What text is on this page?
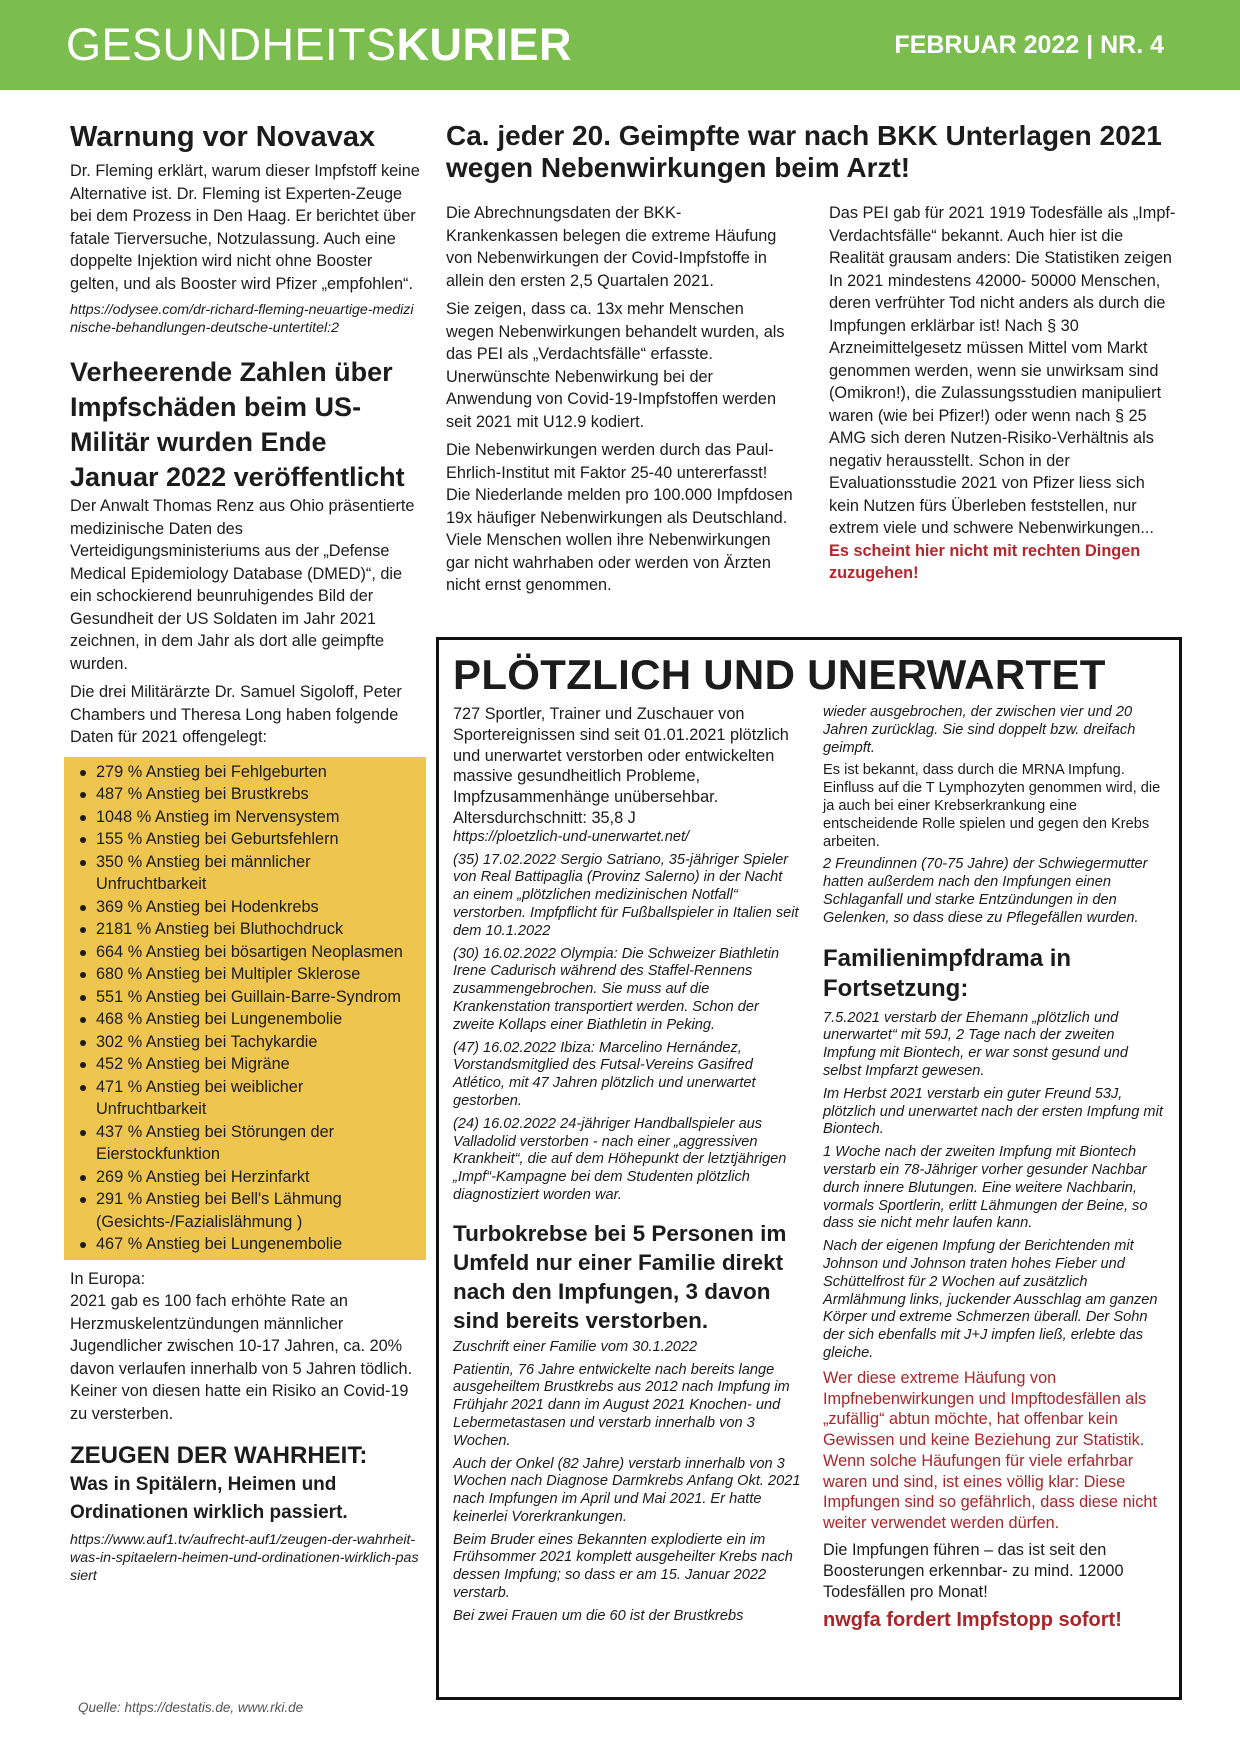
GESUNDHEITSKURIER	FEBRUAR 2022 | NR. 4
Warnung vor Novavax

Dr. Fleming erklärt, warum dieser Impfstoff keine Alternative ist. Dr. Fleming ist Experten-Zeuge bei dem Prozess in Den Haag. Er berichtet über fatale Tierversuche, Notzulassung. Auch eine doppelte Injektion wird nicht ohne Booster gelten, und als Booster wird Pfizer „empfohlen“.

https://odysee.com/dr-richard-fleming-neuartige-medizinische-behandlungen-deutsche-untertitel:2
Verheerende Zahlen über Impfschäden beim US-Militär wurden Ende Januar 2022 veröffentlicht

Der Anwalt Thomas Renz aus Ohio präsentierte medizinische Daten des Verteidigungsministeriums aus der „Defense Medical Epidemiology Database (DMED)“, die ein schockierend beunruhigendes Bild der Gesundheit der US Soldaten im Jahr 2021 zeichnen, in dem Jahr als dort alle geimpfte wurden.

Die drei Militärärzte Dr. Samuel Sigoloff, Peter Chambers und Theresa Long haben folgende Daten für 2021 offengelegt:

279 % Anstieg bei Fehlgeburten
487 % Anstieg bei Brustkrebs
1048 % Anstieg im Nervensystem
155 % Anstieg bei Geburtsfehlern
350 % Anstieg bei männlicher Unfruchtbarkeit
369 % Anstieg bei Hodenkrebs
2181 % Anstieg bei Bluthochdruck
664 % Anstieg bei bösartigen Neoplasmen
680 % Anstieg bei Multipler Sklerose
551 % Anstieg bei Guillain-Barre-Syndrom
468 % Anstieg bei Lungenembolie
302 % Anstieg bei Tachykardie
452 % Anstieg bei Migräne
471 % Anstieg bei weiblicher Unfruchtbarkeit
437 % Anstieg bei Störungen der Eierstockfunktion
269 % Anstieg bei Herzinfarkt
291 % Anstieg bei Bell's Lähmung (Gesichts-/Fazialislähmung )
467 % Anstieg bei Lungenembolie

In Europa:

2021 gab es 100 fach erhöhte Rate an Herzmuskelentzündungen männlicher Jugendlicher zwischen 10-17 Jahren, ca. 20% davon verlaufen innerhalb von 5 Jahren tödlich. Keiner von diesen hatte ein Risiko an Covid-19 zu versterben.

ZEUGEN DER WAHRHEIT:
Was in Spitälern, Heimen und Ordinationen wirklich passiert.
https://www.auf1.tv/aufrecht-auf1/zeugen-der-wahrheit-was-in-spitaelern-heimen-und-ordinationen-wirklich-passiert
Quelle: https://destatis.de, www.rki.de
Ca. jeder 20. Geimpfte war nach BKK Unterlagen 2021 wegen Nebenwirkungen beim Arzt!

Die Abrechnungsdaten der BKK- Krankenkassen belegen die extreme Häufung von Nebenwirkungen der Covid-Impfstoffe in allein den ersten 2,5 Quartalen 2021.

Sie zeigen, dass ca. 13x mehr Menschen wegen Nebenwirkungen behandelt wurden, als das PEI als „Verdachtsfälle“ erfasste. Unerwünschte Nebenwirkung bei der Anwendung von Covid-19-Impfstoffen werden seit 2021 mit U12.9 kodiert.

Die Nebenwirkungen werden durch das Paul-Ehrlich-Institut mit Faktor 25-40 untererfasst! Die Niederlande melden pro 100.000 Impfdosen 19x häufiger Nebenwirkungen als Deutschland. Viele Menschen wollen ihre Nebenwirkungen gar nicht wahrhaben oder werden von Ärzten nicht ernst genommen.

Das PEI gab für 2021 1919 Todesfälle als „Impf-Verdachtsfälle“ bekannt. Auch hier ist die Realität grausam anders: Die Statistiken zeigen In 2021 mindestens 42000- 50000 Menschen, deren verfrühter Tod nicht anders als durch die Impfungen erklärbar ist! Nach § 30 Arzneimittelgesetz müssen Mittel vom Markt genommen werden, wenn sie unwirksam sind (Omikron!), die Zulassungsstudien manipuliert waren (wie bei Pfizer!) oder wenn nach § 25 AMG sich deren Nutzen-Risiko-Verhältnis als negativ herausstellt. Schon in der Evaluationsstudie 2021 von Pfizer liess sich kein Nutzen fürs Überleben feststellen, nur extrem viele und schwere Nebenwirkungen... Es scheint hier nicht mit rechten Dingen zuzugehen!

PLÖTZLICH UND UNERWARTET

727 Sportler, Trainer und Zuschauer von Sportereignissen sind seit 01.01.2021 plötzlich und unerwartet verstorben oder entwickelten massive gesundheitlich Probleme, Impfzusammenhänge unübersehbar. Altersdurchschnitt: 35,8 J

https://ploetzlich-und-unerwartet.net/
(35) 17.02.2022 Sergio Satriano, 35-jähriger Spieler von Real Battipaglia (Provinz Salerno) in der Nacht an einem „plötzlichen medizinischen Notfall“ verstorben. Impfpflicht für Fußballspieler in Italien seit dem 10.1.2022
(30) 16.02.2022 Olympia: Die Schweizer Biathletin Irene Cadurisch während des Staffel-Rennens zusammengebrochen. Sie muss auf die Krankenstation transportiert werden. Schon der zweite Kollaps einer Biathletin in Peking.
(47) 16.02.2022 Ibiza: Marcelino Hernández, Vorstandsmitglied des Futsal-Vereins Gasifred Atlético, mit 47 Jahren plötzlich und unerwartet gestorben.
(24) 16.02.2022 24-jähriger Handballspieler aus Valladolid verstorben - nach einer „aggressiven Krankheit“, die auf dem Höhepunkt der letztjährigen „Impf“-Kampagne bei dem Studenten plötzlich diagnostiziert worden war.
Turbokrebse bei 5 Personen im Umfeld nur einer Familie direkt nach den Impfungen, 3 davon sind bereits verstorben.
Zuschrift einer Familie vom 30.1.2022
Patientin, 76 Jahre entwickelte nach bereits lange ausgeheiltem Brustkrebs aus 2012 nach Impfung im Frühjahr 2021 dann im August 2021 Knochen- und Lebermetastasen und verstarb innerhalb von 3 Wochen.
Auch der Onkel (82 Jahre) verstarb innerhalb von 3 Wochen nach Diagnose Darmkrebs Anfang Okt. 2021 nach Impfungen im April und Mai 2021. Er hatte keinerlei Vorerkrankungen.
Beim Bruder eines Bekannten explodierte ein im Frühsommer 2021 komplett ausgeheilter Krebs nach dessen Impfung; so dass er am 15. Januar 2022 verstarb.
Bei zwei Frauen um die 60 ist der Brustkrebs
wieder ausgebrochen, der zwischen vier und 20 Jahren zurücklag. Sie sind doppelt bzw. dreifach geimpft.
Es ist bekannt, dass durch die MRNA Impfung. Einfluss auf die T Lymphozyten genommen wird, die ja auch bei einer Krebserkrankung eine entscheidende Rolle spielen und gegen den Krebs arbeiten.
2 Freundinnen (70-75 Jahre) der Schwiegermutter hatten außerdem nach den Impfungen einen Schlaganfall und starke Entzündungen in den Gelenken, so dass diese zu Pflegefällen wurden.
Familienimpfdrama in Fortsetzung:
7.5.2021 verstarb der Ehemann „plötzlich und unerwartet“ mit 59J, 2 Tage nach der zweiten Impfung mit Biontech, er war sonst gesund und selbst Impfarzt gewesen.
Im Herbst 2021 verstarb ein guter Freund 53J, plötzlich und unerwartet nach der ersten Impfung mit Biontech.
1 Woche nach der zweiten Impfung mit Biontech verstarb ein 78-Jähriger vorher gesunder Nachbar durch innere Blutungen. Eine weitere Nachbarin, vormals Sportlerin, erlitt Lähmungen der Beine, so dass sie nicht mehr laufen kann.
Nach der eigenen Impfung der Berichtenden mit Johnson und Johnson traten hohes Fieber und Schüttelfrost für 2 Wochen auf zusätzlich Armlähmung links, juckender Ausschlag am ganzen Körper und extreme Schmerzen überall. Der Sohn der sich ebenfalls mit J+J impfen ließ, erlebte das gleiche.
Wer diese extreme Häufung von Impfnebenwirkungen und Impftodesfällen als „zufällig“ abtun möchte, hat offenbar kein Gewissen und keine Beziehung zur Statistik. Wenn solche Häufungen für viele erfahrbar waren und sind, ist eines völlig klar: Diese Impfungen sind so gefährlich, dass diese nicht weiter verwendet werden dürfen.

Die Impfungen führen – das ist seit den Boosterungen erkennbar- zu mind. 12000 Todesfällen pro Monat!

nwgfa fordert Impfstopp sofort!
